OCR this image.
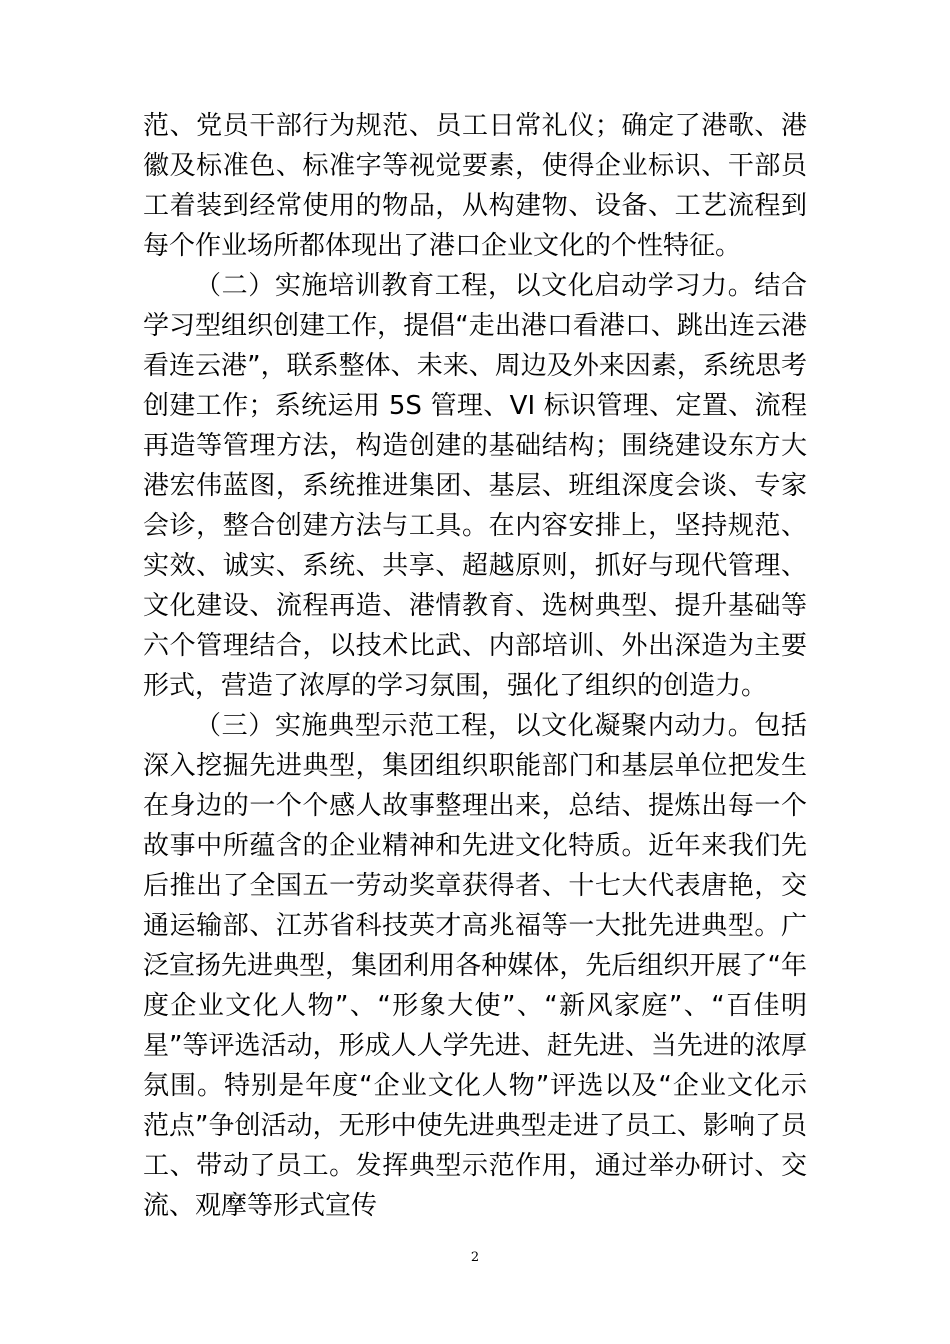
范、党员干部行为规范、员工日常礼仪；确定了港歌、港徽及标准色、标准字等视觉要素，使得企业标识、干部员工着装到经常使用的物品，从构建物、设备、工艺流程到每个作业场所都体现出了港口企业文化的个性特征。

（二）实施培训教育工程，以文化启动学习力。结合学习型组织创建工作，提倡“走出港口看港口、跳出连云港看连云港”，联系整体、未来、周边及外来因素，系统思考创建工作；系统运用 5S 管理、VI 标识管理、定置、流程再造等管理方法，构造创建的基础结构；围绕建设东方大港宏伟蓝图，系统推进集团、基层、班组深度会谈、专家会诊，整合创建方法与工具。在内容安排上，坚持规范、实效、诚实、系统、共享、超越原则，抓好与现代管理、文化建设、流程再造、港情教育、选树典型、提升基础等六个管理结合，以技术比武、内部培训、外出深造为主要形式，营造了浓厚的学习氛围，强化了组织的创造力。

（三）实施典型示范工程，以文化凝聚内动力。包括深入挖掘先进典型，集团组织职能部门和基层单位把发生在身边的一个个感人故事整理出来，总结、提炼出每一个故事中所蕴含的企业精神和先进文化特质。近年来我们先后推出了全国五一劳动奖章获得者、十七大代表唐艳，交通运输部、江苏省科技英才高兆福等一大批先进典型。广泛宣扬先进典型，集团利用各种媒体，先后组织开展了“年度企业文化人物”、“形象大使”、“新风家庭”、“百佳明星”等评选活动，形成人人学先进、赶先进、当先进的浓厚氛围。特别是年度“企业文化人物”评选以及“企业文化示范点”争创活动，无形中使先进典型走进了员工、影响了员工、带动了员工。发挥典型示范作用，通过举办研讨、交流、观摩等形式宣传

2
